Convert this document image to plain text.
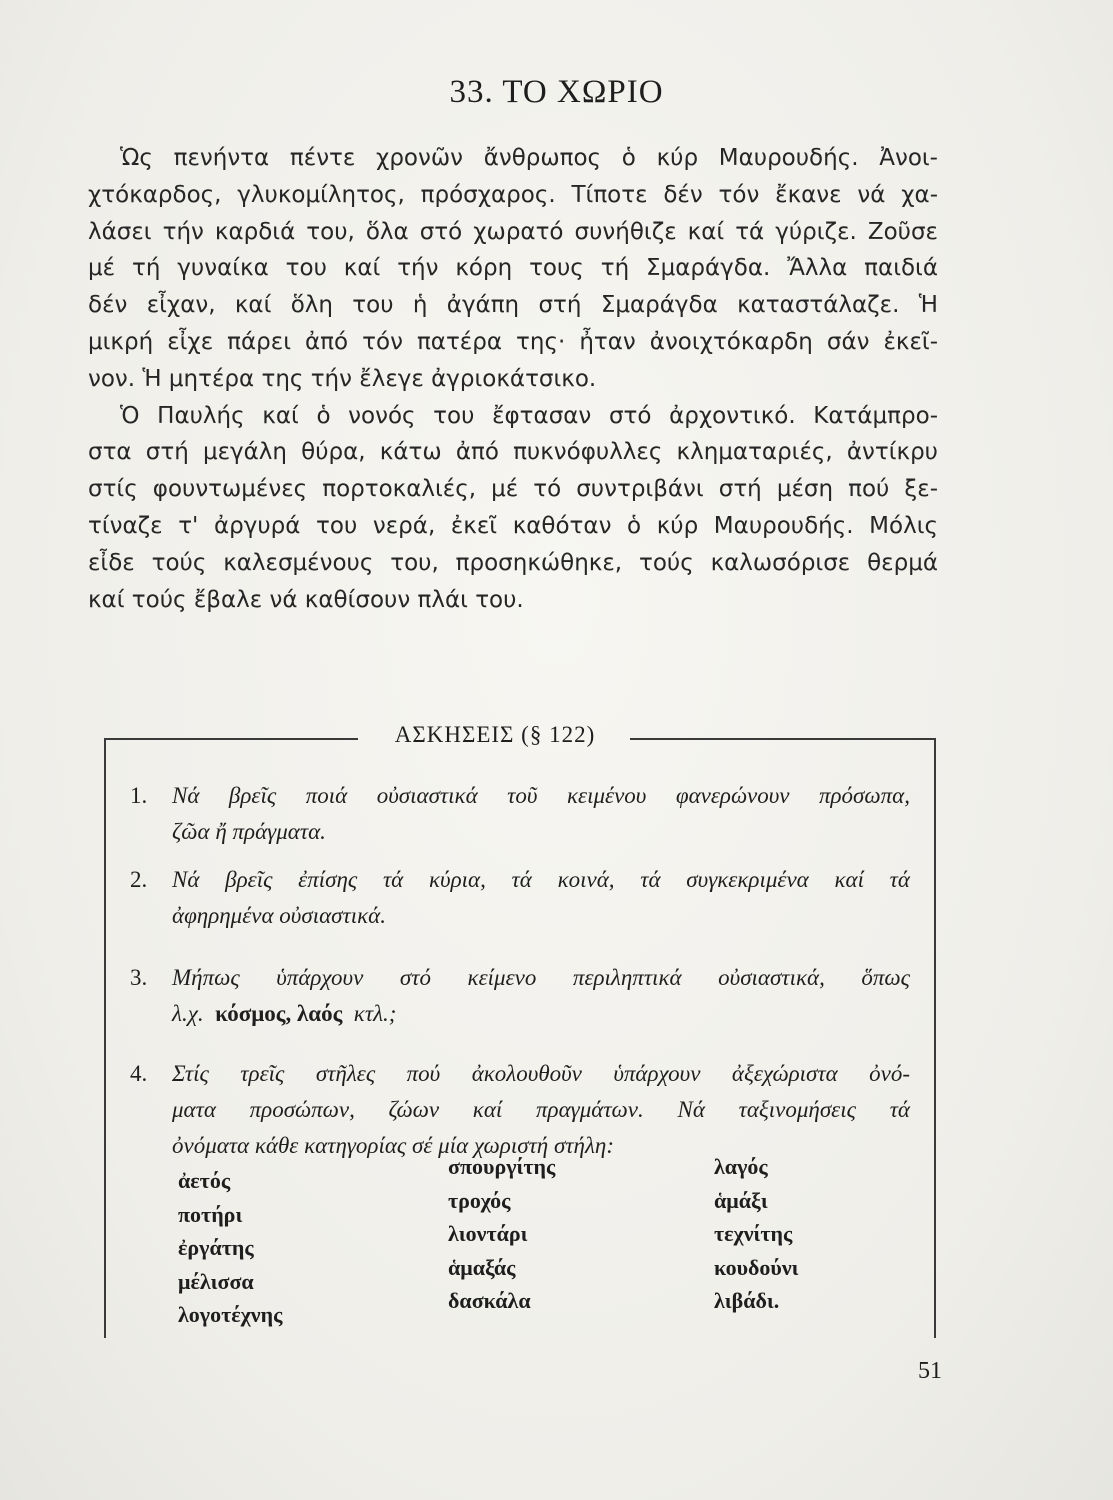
33. ΤΟ ΧΩΡΙΟ

Ὡς πενήντα πέντε χρονῶν ἄνθρωπος ὁ κύρ Μαυρουδής. Ἀνοι-
χτόκαρδος, γλυκομίλητος, πρόσχαρος. Τίποτε δέν τόν ἔκανε νά χα-
λάσει τήν καρδιά του, ὅλα στό χωρατό συνήθιζε καί τά γύριζε. Ζοῦσε
μέ τή γυναίκα του καί τήν κόρη τους τή Σμαράγδα. Ἄλλα παιδιά
δέν εἶχαν, καί ὅλη του ἡ ἀγάπη στή Σμαράγδα καταστάλαζε. Ἡ
μικρή εἶχε πάρει ἀπό τόν πατέρα της· ἦταν ἀνοιχτόκαρδη σάν ἐκεῖ-
νον. Ἡ μητέρα της τήν ἔλεγε ἀγριοκάτσικο.

Ὁ Παυλής καί ὁ νονός του ἔφτασαν στό ἀρχοντικό. Κατάμπρο-
στα στή μεγάλη θύρα, κάτω ἀπό πυκνόφυλλες κληματαριές, ἀντίκρυ
στίς φουντωμένες πορτοκαλιές, μέ τό συντριβάνι στή μέση πού ξε-
τίναζε τ' ἀργυρά του νερά, ἐκεῖ καθόταν ὁ κύρ Μαυρουδής. Μόλις
εἶδε τούς καλεσμένους του, προσηκώθηκε, τούς καλωσόρισε θερμά
καί τούς ἔβαλε νά καθίσουν πλάι του.

ΑΣΚΗΣΕΙΣ (§ 122)
1. Νά βρεῖς ποιά οὐσιαστικά τοῦ κειμένου φανερώνουν πρόσωπα,
ζῶα ἤ πράγματα.
2. Νά βρεῖς ἐπίσης τά κύρια, τά κοινά, τά συγκεκριμένα καί τά
ἀφηρημένα οὐσιαστικά.
3. Μήπως ὑπάρχουν στό κείμενο περιληπτικά οὐσιαστικά, ὅπως
λ.χ. κόσμος, λαός κτλ.;
4. Στίς τρεῖς στῆλες πού ἀκολουθοῦν ὑπάρχουν ἀξεχώριστα ὀνό-
ματα προσώπων, ζώων καί πραγμάτων. Νά ταξινομήσεις τά
ὀνόματα κάθε κατηγορίας σέ μία χωριστή στήλη:
ἀετός
ποτήρι
ἐργάτης
μέλισσα
λογοτέχνης
σπουργίτης
τροχός
λιοντάρι
ἁμαξάς
δασκάλα
λαγός
ἁμάξι
τεχνίτης
κουδούνι
λιβάδι.
51
